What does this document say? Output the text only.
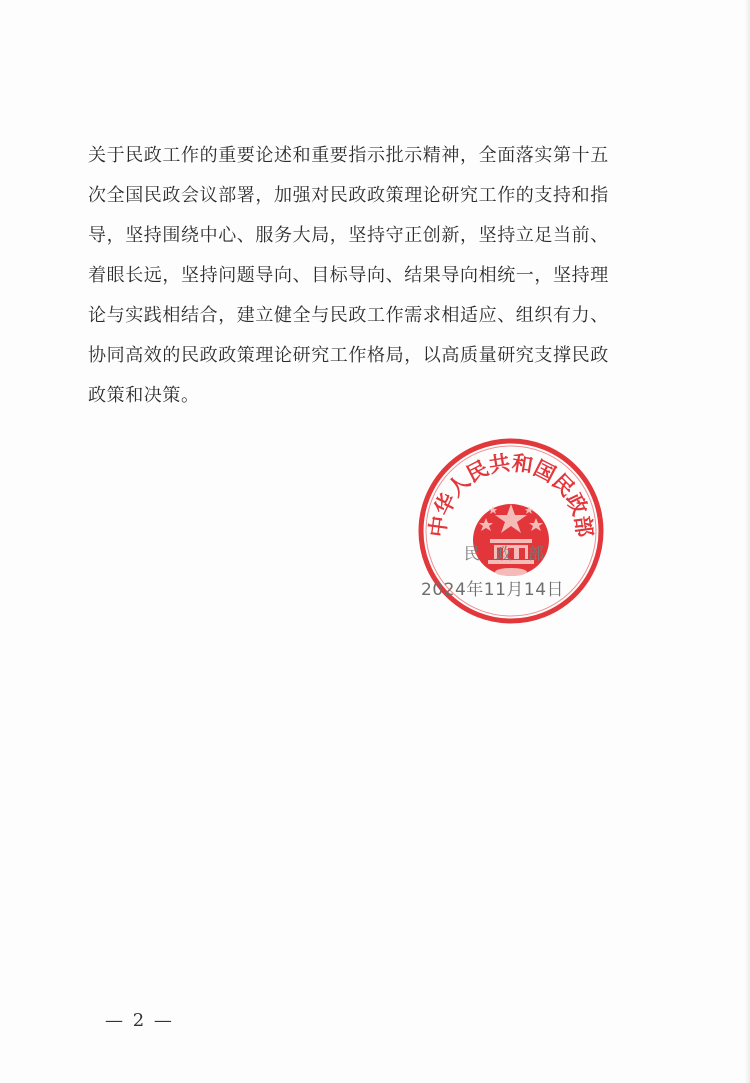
关于民政工作的重要论述和重要指示批示精神，全面落实第十五
次全国民政会议部署，加强对民政政策理论研究工作的支持和指
导，坚持围绕中心、服务大局，坚持守正创新，坚持立足当前、
着眼长远，坚持问题导向、目标导向、结果导向相统一，坚持理
论与实践相结合，建立健全与民政工作需求相适应、组织有力、
协同高效的民政政策理论研究工作格局，以高质量研究支撑民政
政策和决策。
中华人民共和国民政部
民政部
2024年11月14日
— 2 —
